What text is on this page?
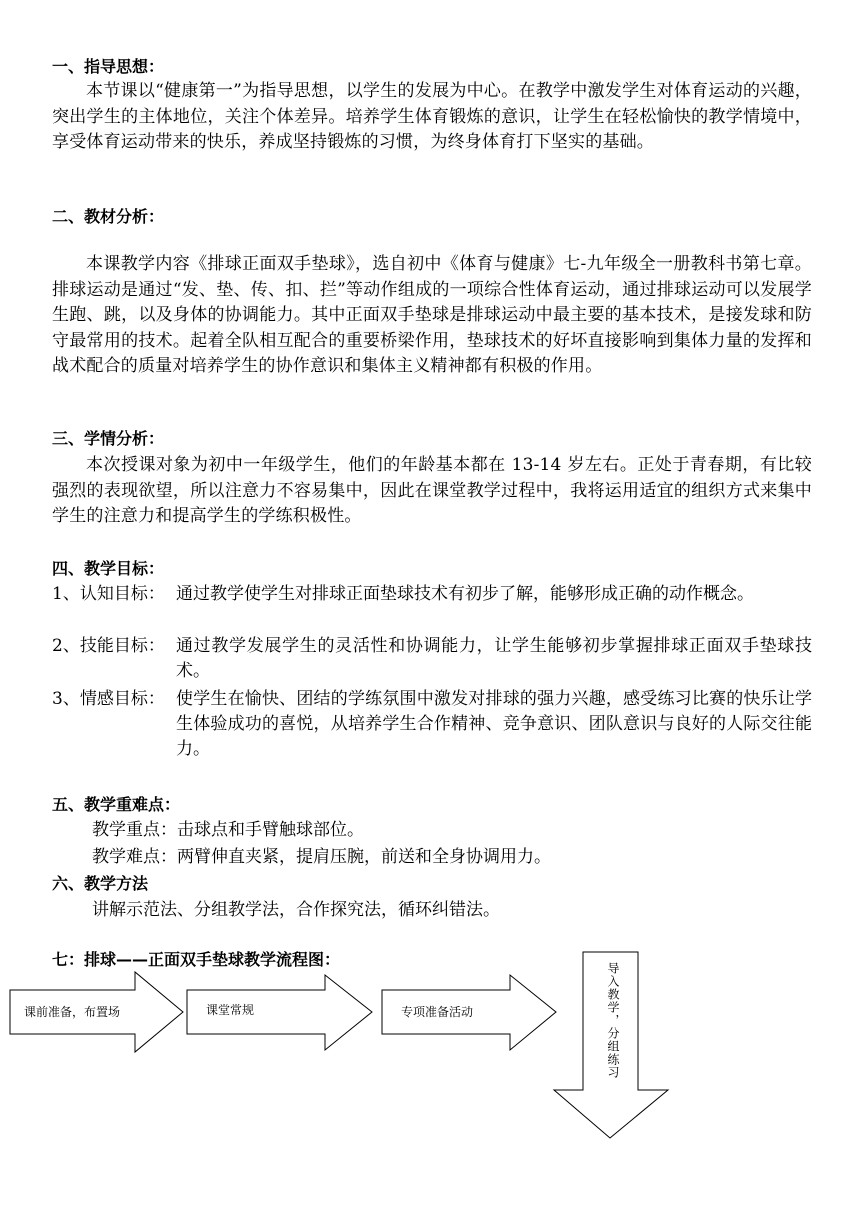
一、指导思想：
本节课以“健康第一”为指导思想，以学生的发展为中心。在教学中激发学生对体育运动的兴趣，突出学生的主体地位，关注个体差异。培养学生体育锻炼的意识，让学生在轻松愉快的教学情境中，享受体育运动带来的快乐，养成坚持锻炼的习惯，为终身体育打下坚实的基础。
二、教材分析：
本课教学内容《排球正面双手垫球》，选自初中《体育与健康》七-九年级全一册教科书第七章。排球运动是通过“发、垫、传、扣、拦”等动作组成的一项综合性体育运动，通过排球运动可以发展学生跑、跳，以及身体的协调能力。其中正面双手垫球是排球运动中最主要的基本技术，是接发球和防守最常用的技术。起着全队相互配合的重要桥梁作用，垫球技术的好坏直接影响到集体力量的发挥和战术配合的质量对培养学生的协作意识和集体主义精神都有积极的作用。
三、学情分析：
本次授课对象为初中一年级学生，他们的年龄基本都在 13-14 岁左右。正处于青春期，有比较强烈的表现欲望，所以注意力不容易集中，因此在课堂教学过程中，我将运用适宜的组织方式来集中学生的注意力和提高学生的学练积极性。
四、教学目标：
1、认知目标： 通过教学使学生对排球正面垫球技术有初步了解，能够形成正确的动作概念。
2、技能目标： 通过教学发展学生的灵活性和协调能力，让学生能够初步掌握排球正面双手垫球技术。
3、情感目标： 使学生在愉快、团结的学练氛围中激发对排球的强力兴趣，感受练习比赛的快乐让学生体验成功的喜悦，从培养学生合作精神、竞争意识、团队意识与良好的人际交往能力。
五、教学重难点：
教学重点：击球点和手臂触球部位。
教学难点：两臂伸直夹紧，提肩压腕，前送和全身协调用力。
六、教学方法
讲解示范法、分组教学法，合作探究法，循环纠错法。
七：排球——正面双手垫球教学流程图：
课前准备，布置场	课堂常规	专项准备活动	导入教学，分组练习
